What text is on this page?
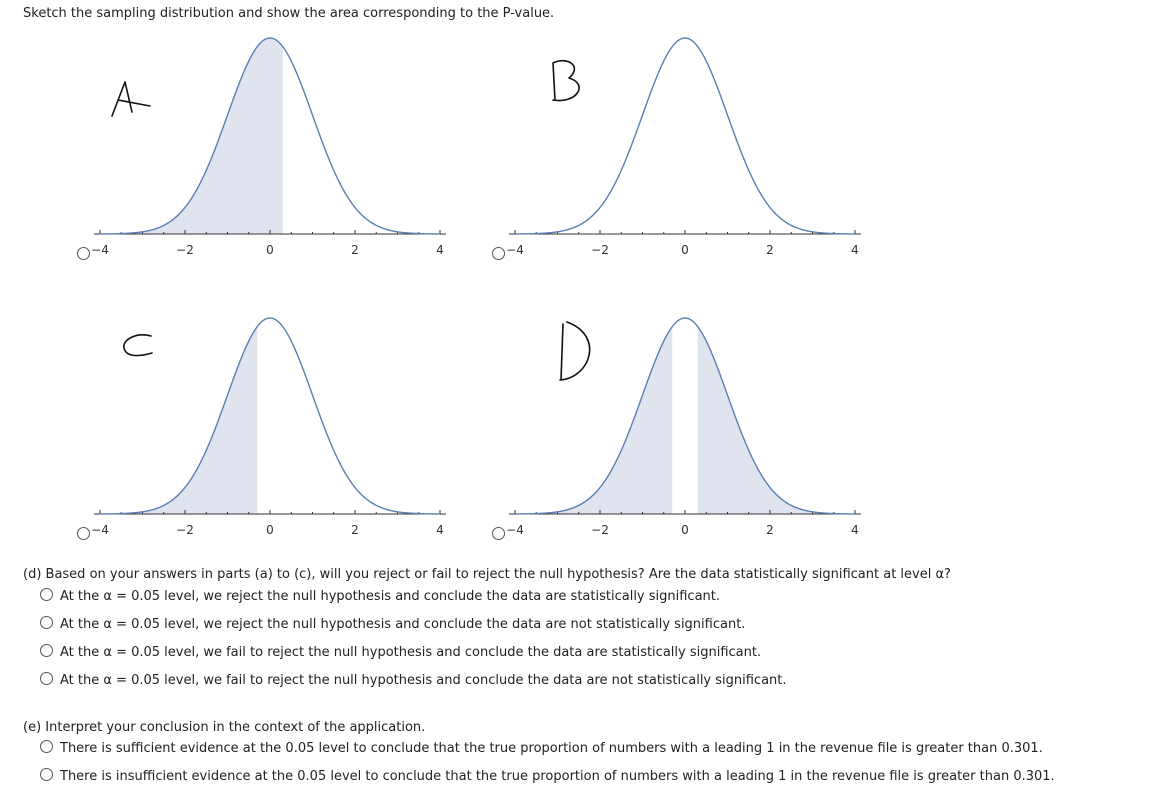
Sketch the sampling distribution and show the area corresponding to the P-value.
−4	−2	0	2	4	−4	−2	0	2	4
−4	−2	0	2	4	−4	−2	0	2	4
(d) Based on your answers in parts (a) to (c), will you reject or fail to reject the null hypothesis? Are the data statistically significant at level α?
At the α = 0.05 level, we reject the null hypothesis and conclude the data are statistically significant.
At the α = 0.05 level, we reject the null hypothesis and conclude the data are not statistically significant.
At the α = 0.05 level, we fail to reject the null hypothesis and conclude the data are statistically significant.
At the α = 0.05 level, we fail to reject the null hypothesis and conclude the data are not statistically significant.
(e) Interpret your conclusion in the context of the application.
There is sufficient evidence at the 0.05 level to conclude that the true proportion of numbers with a leading 1 in the revenue file is greater than 0.301.
There is insufficient evidence at the 0.05 level to conclude that the true proportion of numbers with a leading 1 in the revenue file is greater than 0.301.
